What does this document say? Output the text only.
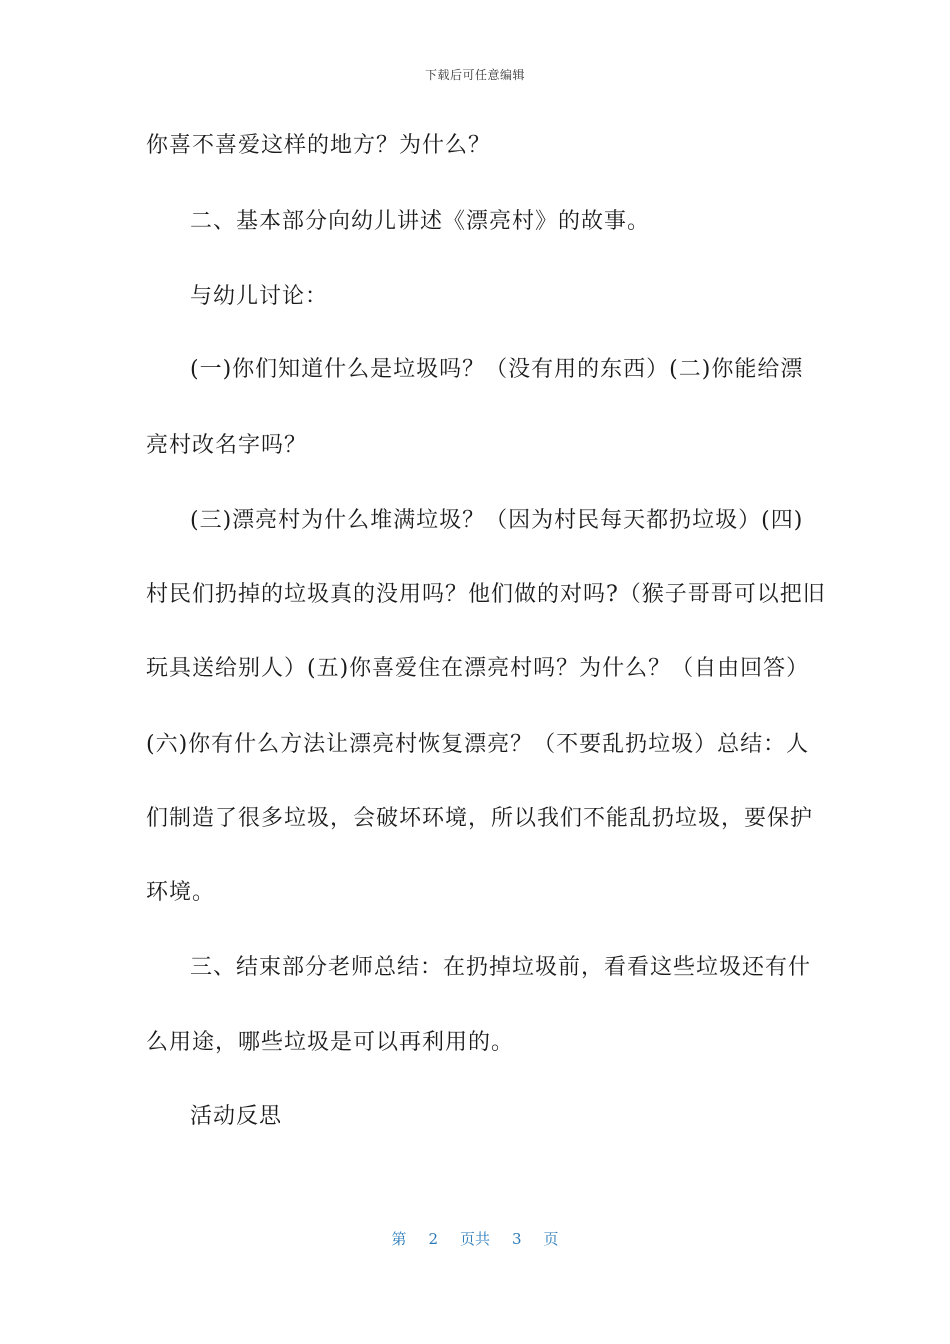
下载后可任意编辑
你喜不喜爱这样的地方？为什么？
二、基本部分向幼儿讲述《漂亮村》的故事。
与幼儿讨论：
(一)你们知道什么是垃圾吗？（没有用的东西）(二)你能给漂
亮村改名字吗？
(三)漂亮村为什么堆满垃圾？（因为村民每天都扔垃圾）(四)
村民们扔掉的垃圾真的没用吗？他们做的对吗?（猴子哥哥可以把旧
玩具送给别人）(五)你喜爱住在漂亮村吗？为什么？（自由回答）
(六)你有什么方法让漂亮村恢复漂亮？（不要乱扔垃圾）总结：人
们制造了很多垃圾，会破坏环境，所以我们不能乱扔垃圾，要保护
环境。
三、结束部分老师总结：在扔掉垃圾前，看看这些垃圾还有什
么用途，哪些垃圾是可以再利用的。
活动反思
第 2 页共 3 页
